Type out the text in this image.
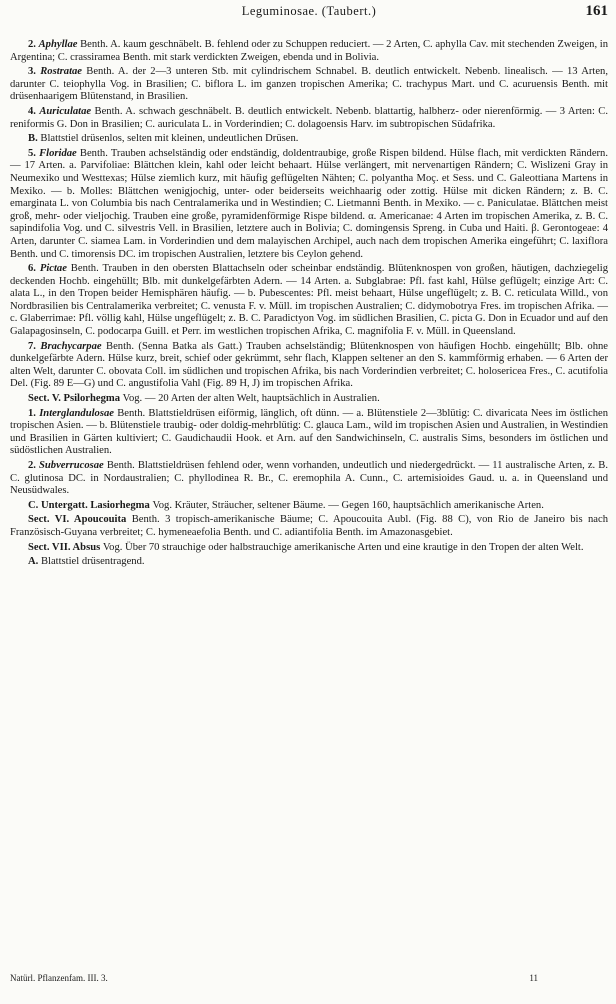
Leguminosae. (Taubert.)	161

2. Aphyllae Benth. A. kaum geschnäbelt. B. fehlend oder zu Schuppen reduciert. — 2 Arten, C. aphylla Cav. mit stechenden Zweigen, in Argentina; C. crassiramea Benth. mit stark verdickten Zweigen, ebenda und in Bolivia.

3. Rostratae Benth. A. der 2—3 unteren Stb. mit cylindrischem Schnabel. B. deutlich entwickelt. Nebenb. linealisch. — 13 Arten, darunter C. teiophylla Vog. in Brasilien; C. biflora L. im ganzen tropischen Amerika; C. trachypus Mart. und C. acuruensis Benth. mit drüsenhaarigem Blütenstand, in Brasilien.

4. Auriculatae Benth. A. schwach geschnäbelt. B. deutlich entwickelt. Nebenb. blattartig, halbherz- oder nierenförmig. — 3 Arten: C. reniformis G. Don in Brasilien; C. auriculata L. in Vorderindien; C. dolagoensis Harv. im subtropischen Südafrika.

B. Blattstiel drüsenlos, selten mit kleinen, undeutlichen Drüsen.

5. Floridae Benth. Trauben achselständig oder endständig, doldentraubige, große Rispen bildend. Hülse flach, mit verdickten Rändern. — 17 Arten. a. Parvifoliae: Blättchen klein, kahl oder leicht behaart. Hülse verlängert, mit nervenartigen Rändern; C. Wislizeni Gray in Neumexiko und Westtexas; Hülse ziemlich kurz, mit häufig geflügelten Nähten; C. polyantha Moç. et Sess. und C. Galeottiana Martens in Mexiko. — b. Molles: Blättchen wenigjochig, unter- oder beiderseits weichhaarig oder zottig. Hülse mit dicken Rändern; z. B. C. emarginata L. von Columbia bis nach Centralamerika und in Westindien; C. Lietmanni Benth. in Mexiko. — c. Paniculatae. Blättchen meist groß, mehr- oder vieljochig. Trauben eine große, pyramidenförmige Rispe bildend. α. Americanae: 4 Arten im tropischen Amerika, z. B. C. sapindifolia Vog. und C. silvestris Vell. in Brasilien, letztere auch in Bolivia; C. domingensis Spreng. in Cuba und Haiti. β. Gerontogeae: 4 Arten, darunter C. siamea Lam. in Vorderindien und dem malayischen Archipel, auch nach dem tropischen Amerika eingeführt; C. laxiflora Benth. und C. timorensis DC. im tropischen Australien, letztere bis Ceylon gehend.

6. Pictae Benth. Trauben in den obersten Blattachseln oder scheinbar endständig. Blütenknospen von großen, häutigen, dachziegelig deckenden Hochb. eingehüllt; Blb. mit dunkelgefärbten Adern. — 14 Arten. a. Subglabrae: Pfl. fast kahl, Hülse geflügelt; einzige Art: C. alata L., in den Tropen beider Hemisphären häufig. — b. Pubescentes: Pfl. meist behaart, Hülse ungeflügelt; z. B. C. reticulata Willd., von Nordbrasilien bis Centralamerika verbreitet; C. venusta F. v. Müll. im tropischen Australien; C. didymobotrya Fres. im tropischen Afrika. — c. Glaberrimae: Pfl. völlig kahl, Hülse ungeflügelt; z. B. C. Paradictyon Vog. im südlichen Brasilien, C. picta G. Don in Ecuador und auf den Galapagosinseln, C. podocarpa Guill. et Perr. im westlichen tropischen Afrika, C. magnifolia F. v. Müll. in Queensland.

7. Brachycarpae Benth. (Senna Batka als Gatt.) Trauben achselständig; Blütenknospen von häufigen Hochb. eingehüllt; Blb. ohne dunkelgefärbte Adern. Hülse kurz, breit, schief oder gekrümmt, sehr flach, Klappen seltener an den S. kammförmig erhaben. — 6 Arten der alten Welt, darunter C. obovata Coll. im südlichen und tropischen Afrika, bis nach Vorderindien verbreitet; C. holosericea Fres., C. acutifolia Del. (Fig. 89 E—G) und C. angustifolia Vahl (Fig. 89 H, J) im tropischen Afrika.

Sect. V. Psilorhegma Vog. — 20 Arten der alten Welt, hauptsächlich in Australien.

1. Interglandulosae Benth. Blattstieldrüsen eiförmig, länglich, oft dünn. — a. Blütenstiele 2—3blütig: C. divaricata Nees im östlichen tropischen Asien. — b. Blütenstiele traubig- oder doldig-mehrblütig: C. glauca Lam., wild im tropischen Asien und Australien, in Westindien und Brasilien in Gärten kultiviert; C. Gaudichaudii Hook. et Arn. auf den Sandwichinseln, C. australis Sims, besonders im östlichen und südöstlichen Australien.

2. Subverrucosae Benth. Blattstieldrüsen fehlend oder, wenn vorhanden, undeutlich und niedergedrückt. — 11 australische Arten, z. B. C. glutinosa DC. in Nordaustralien; C. phyllodinea R. Br., C. eremophila A. Cunn., C. artemisioides Gaud. u. a. in Queensland und Neusüdwales.

C. Untergatt. Lasiorhegma Vog. Kräuter, Sträucher, seltener Bäume. — Gegen 160, hauptsächlich amerikanische Arten.

Sect. VI. Apoucouita Benth. 3 tropisch-amerikanische Bäume; C. Apoucouita Aubl. (Fig. 88 C), von Rio de Janeiro bis nach Französisch-Guyana verbreitet; C. hymeneaefolia Benth. und C. adiantifolia Benth. im Amazonasgebiet.

Sect. VII. Absus Vog. Über 70 strauchige oder halbstrauchige amerikanische Arten und eine krautige in den Tropen der alten Welt.

A. Blattstiel drüsentragend.

Natürl. Pflanzenfam. III. 3.	11
